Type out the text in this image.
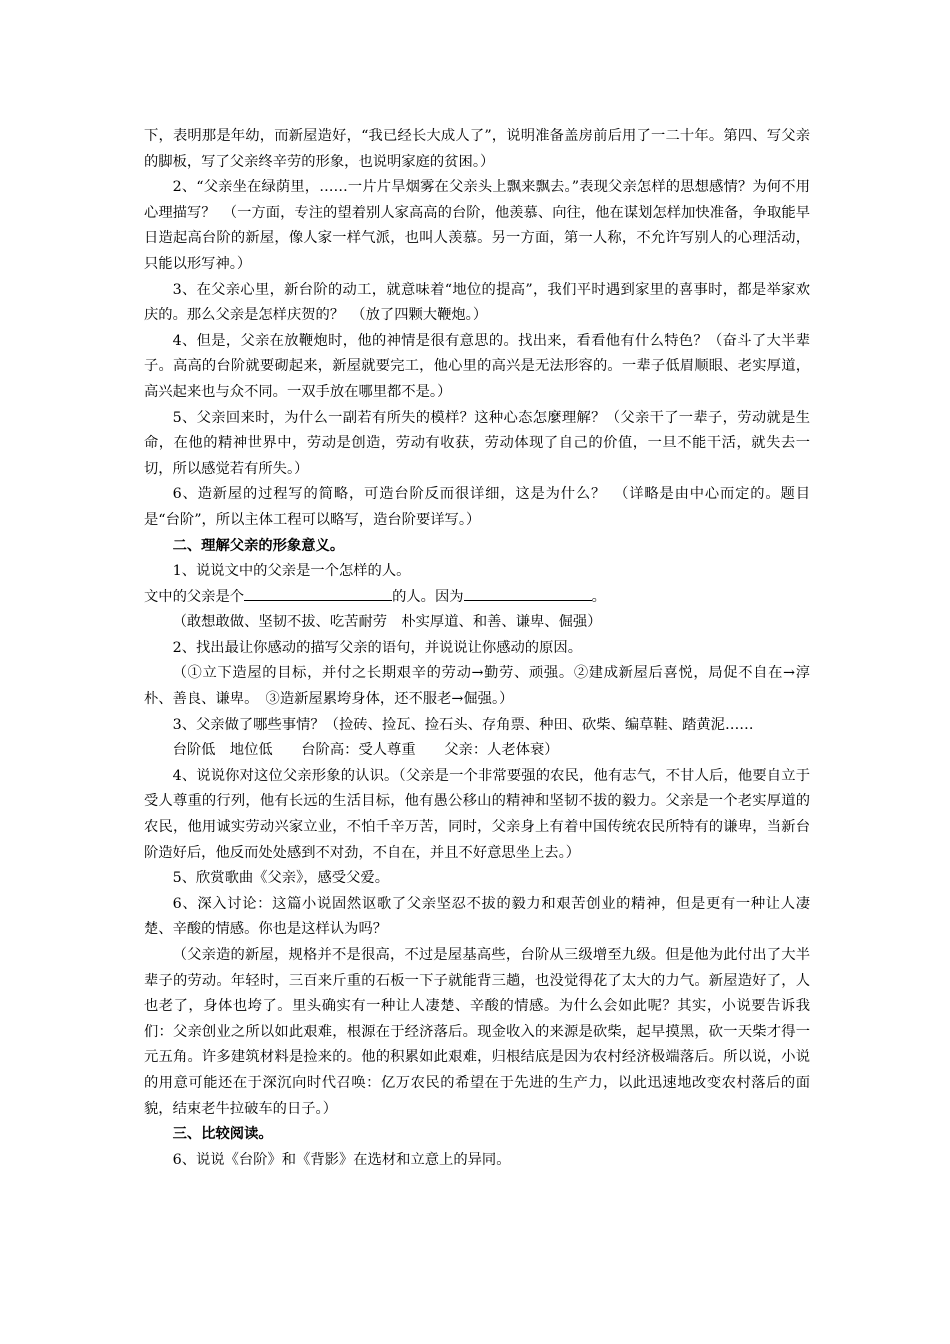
下，表明那是年幼，而新屋造好，“我已经长大成人了”，说明准备盖房前后用了一二十年。第四、写父亲的脚板，写了父亲终辛劳的形象，也说明家庭的贫困。）

2、“父亲坐在绿荫里，……一片片旱烟雾在父亲头上飘来飘去。”表现父亲怎样的思想感情？为何不用心理描写？　（一方面，专注的望着别人家高高的台阶，他羡慕、向往，他在谋划怎样加快准备，争取能早日造起高台阶的新屋，像人家一样气派，也叫人羡慕。另一方面，第一人称，不允许写别人的心理活动，只能以形写神。）

3、在父亲心里，新台阶的动工，就意味着“地位的提高”，我们平时遇到家里的喜事时，都是举家欢庆的。那么父亲是怎样庆贺的？　（放了四颗大鞭炮。）

4、但是，父亲在放鞭炮时，他的神情是很有意思的。找出来，看看他有什么特色？（奋斗了大半辈子。高高的台阶就要砌起来，新屋就要完工，他心里的高兴是无法形容的。一辈子低眉顺眼、老实厚道，高兴起来也与众不同。一双手放在哪里都不是。）

5、父亲回来时，为什么一副若有所失的模样？这种心态怎麼理解？（父亲干了一辈子，劳动就是生命，在他的精神世界中，劳动是创造，劳动有收获，劳动体现了自己的价值，一旦不能干活，就失去一切，所以感觉若有所失。）

6、造新屋的过程写的简略，可造台阶反而很详细，这是为什么？　（详略是由中心而定的。题目是“台阶”，所以主体工程可以略写，造台阶要详写。）

二、理解父亲的形象意义。

1、说说文中的父亲是一个怎样的人。

文中的父亲是个	的人。因为	。

（敢想敢做、坚韧不拔、吃苦耐劳　朴实厚道、和善、谦卑、倔强）

2、找出最让你感动的描写父亲的语句，并说说让你感动的原因。

（①立下造屋的目标，并付之长期艰辛的劳动→勤劳、顽强。②建成新屋后喜悦，局促不自在→淳朴、善良、谦卑。　③造新屋累垮身体，还不服老→倔强。）

3、父亲做了哪些事情？（捡砖、捡瓦、捡石头、存角票、种田、砍柴、编草鞋、踏黄泥……

台阶低　地位低　　台阶高：受人尊重　　父亲：人老体衰）

4、说说你对这位父亲形象的认识。（父亲是一个非常要强的农民，他有志气，不甘人后，他要自立于受人尊重的行列，他有长远的生活目标，他有愚公移山的精神和坚韧不拔的毅力。父亲是一个老实厚道的农民，他用诚实劳动兴家立业，不怕千辛万苦，同时，父亲身上有着中国传统农民所特有的谦卑，当新台阶造好后，他反而处处感到不对劲，不自在，并且不好意思坐上去。）

5、欣赏歌曲《父亲》，感受父爱。

6、深入讨论：这篇小说固然讴歌了父亲坚忍不拔的毅力和艰苦创业的精神，但是更有一种让人凄楚、辛酸的情感。你也是这样认为吗？

（父亲造的新屋，规格并不是很高，不过是屋基高些，台阶从三级增至九级。但是他为此付出了大半辈子的劳动。年轻时，三百来斤重的石板一下子就能背三趟，也没觉得花了太大的力气。新屋造好了，人也老了，身体也垮了。里头确实有一种让人凄楚、辛酸的情感。为什么会如此呢？其实，小说要告诉我们：父亲创业之所以如此艰难，根源在于经济落后。现金收入的来源是砍柴，起早摸黑，砍一天柴才得一元五角。许多建筑材料是捡来的。他的积累如此艰难，归根结底是因为农村经济极端落后。所以说，小说的用意可能还在于深沉向时代召唤：亿万农民的希望在于先进的生产力，以此迅速地改变农村落后的面貌，结束老牛拉破车的日子。）

三、比较阅读。

6、说说《台阶》和《背影》在选材和立意上的异同。
